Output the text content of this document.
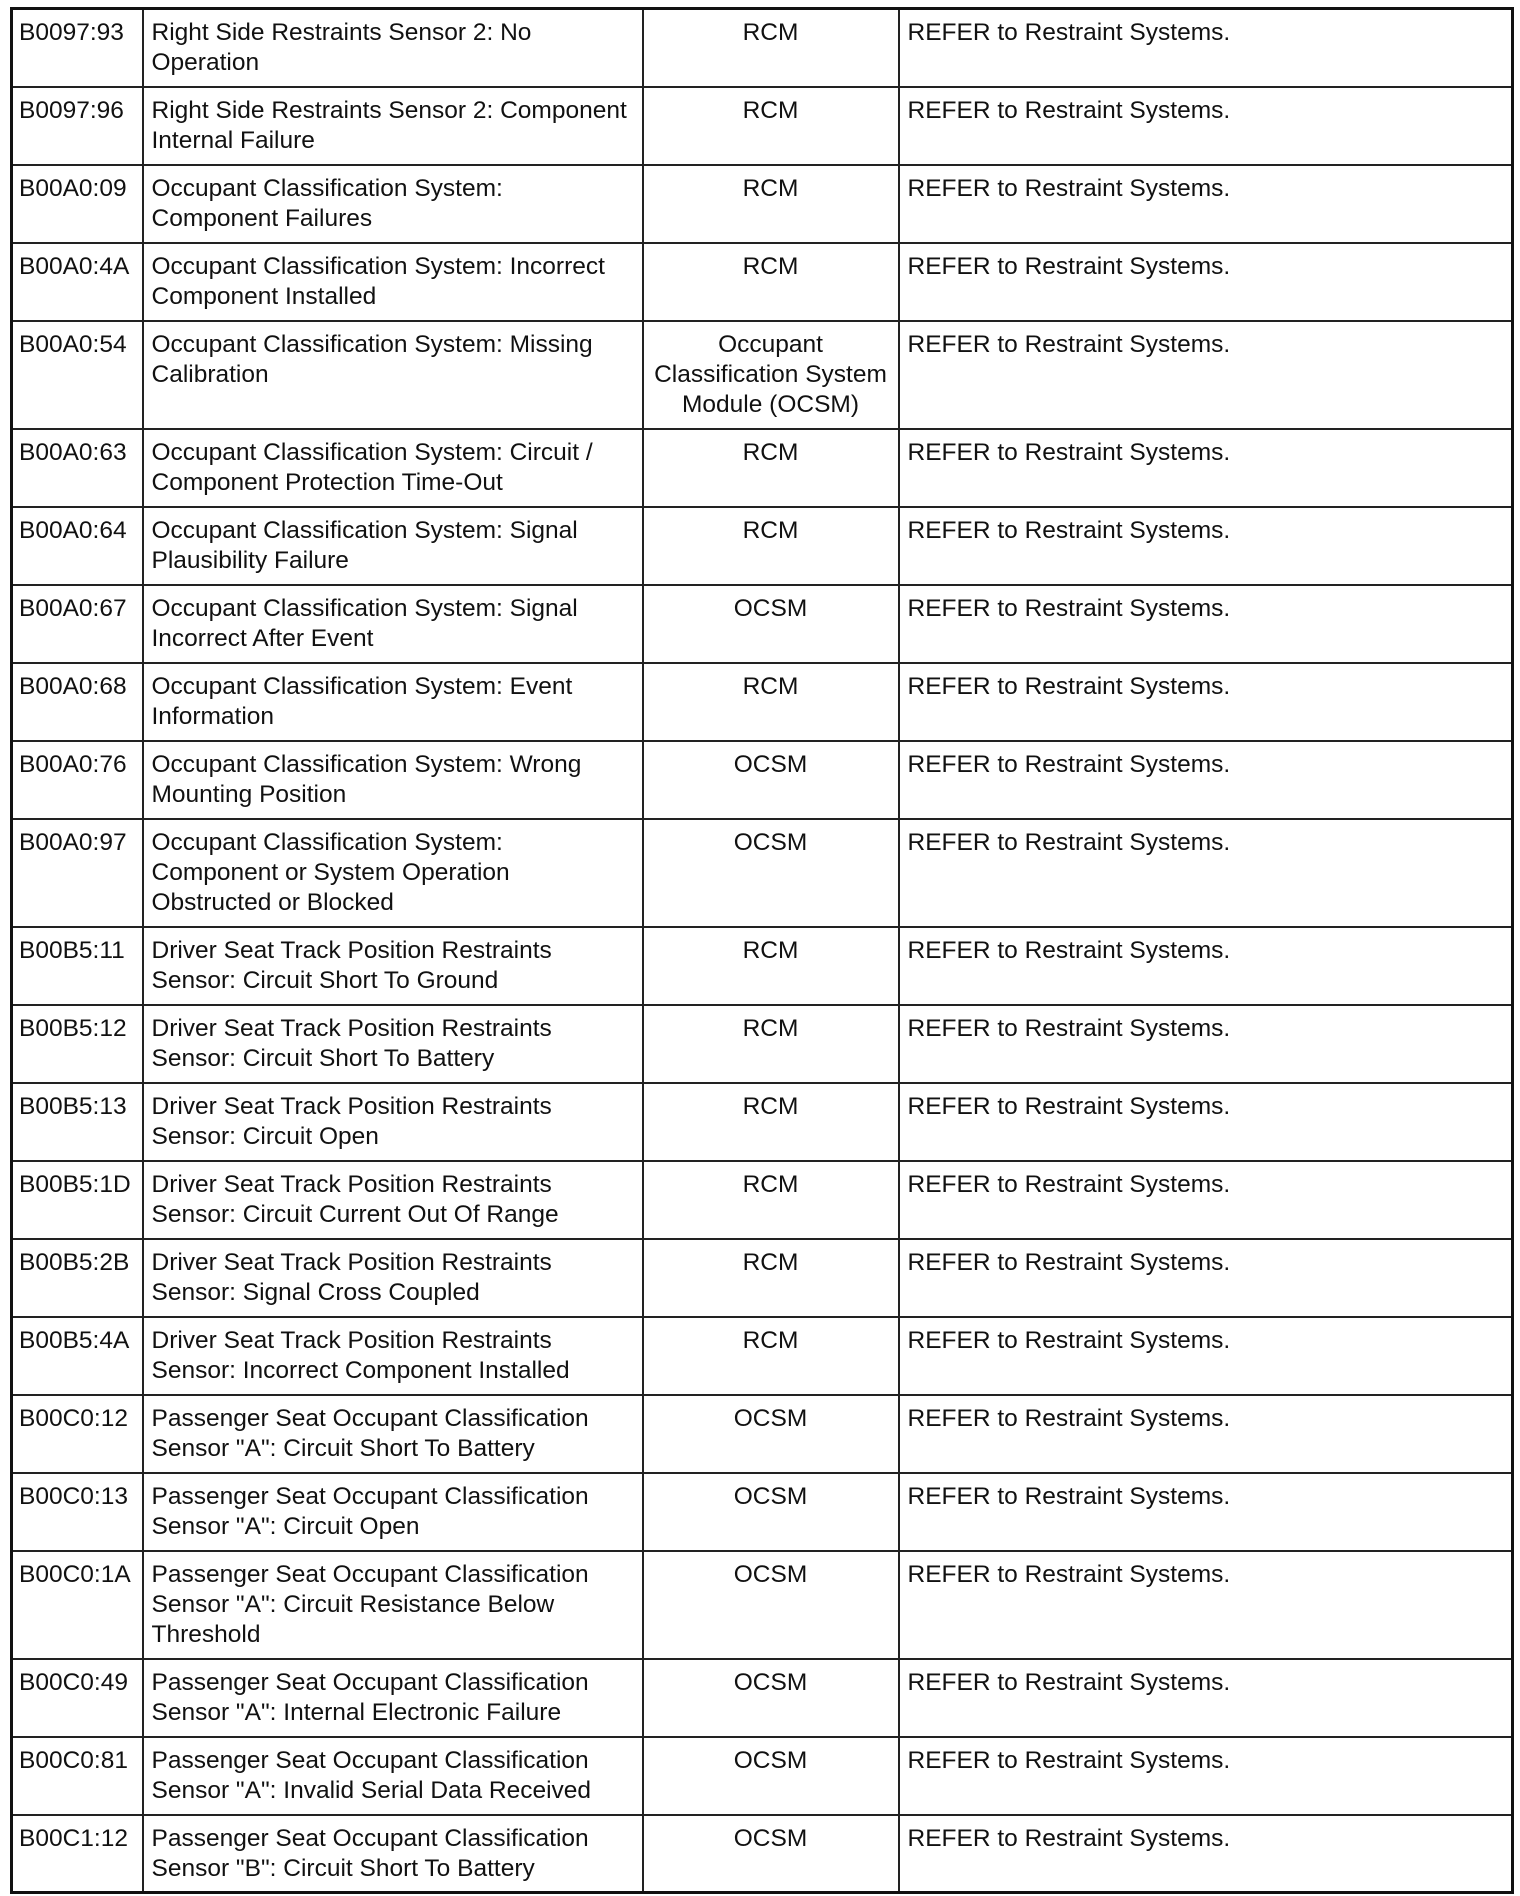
B0097:93	Right Side Restraints Sensor 2: No Operation	RCM	REFER to Restraint Systems.
B0097:96	Right Side Restraints Sensor 2: Component Internal Failure	RCM	REFER to Restraint Systems.
B00A0:09	Occupant Classification System: Component Failures	RCM	REFER to Restraint Systems.
B00A0:4A	Occupant Classification System: Incorrect Component Installed	RCM	REFER to Restraint Systems.
B00A0:54	Occupant Classification System: Missing Calibration	Occupant Classification System Module (OCSM)	REFER to Restraint Systems.
B00A0:63	Occupant Classification System: Circuit / Component Protection Time-Out	RCM	REFER to Restraint Systems.
B00A0:64	Occupant Classification System: Signal Plausibility Failure	RCM	REFER to Restraint Systems.
B00A0:67	Occupant Classification System: Signal Incorrect After Event	OCSM	REFER to Restraint Systems.
B00A0:68	Occupant Classification System: Event Information	RCM	REFER to Restraint Systems.
B00A0:76	Occupant Classification System: Wrong Mounting Position	OCSM	REFER to Restraint Systems.
B00A0:97	Occupant Classification System: Component or System Operation Obstructed or Blocked	OCSM	REFER to Restraint Systems.
B00B5:11	Driver Seat Track Position Restraints Sensor: Circuit Short To Ground	RCM	REFER to Restraint Systems.
B00B5:12	Driver Seat Track Position Restraints Sensor: Circuit Short To Battery	RCM	REFER to Restraint Systems.
B00B5:13	Driver Seat Track Position Restraints Sensor: Circuit Open	RCM	REFER to Restraint Systems.
B00B5:1D	Driver Seat Track Position Restraints Sensor: Circuit Current Out Of Range	RCM	REFER to Restraint Systems.
B00B5:2B	Driver Seat Track Position Restraints Sensor: Signal Cross Coupled	RCM	REFER to Restraint Systems.
B00B5:4A	Driver Seat Track Position Restraints Sensor: Incorrect Component Installed	RCM	REFER to Restraint Systems.
B00C0:12	Passenger Seat Occupant Classification Sensor "A": Circuit Short To Battery	OCSM	REFER to Restraint Systems.
B00C0:13	Passenger Seat Occupant Classification Sensor "A": Circuit Open	OCSM	REFER to Restraint Systems.
B00C0:1A	Passenger Seat Occupant Classification Sensor "A": Circuit Resistance Below Threshold	OCSM	REFER to Restraint Systems.
B00C0:49	Passenger Seat Occupant Classification Sensor "A": Internal Electronic Failure	OCSM	REFER to Restraint Systems.
B00C0:81	Passenger Seat Occupant Classification Sensor "A": Invalid Serial Data Received	OCSM	REFER to Restraint Systems.
B00C1:12	Passenger Seat Occupant Classification Sensor "B": Circuit Short To Battery	OCSM	REFER to Restraint Systems.
